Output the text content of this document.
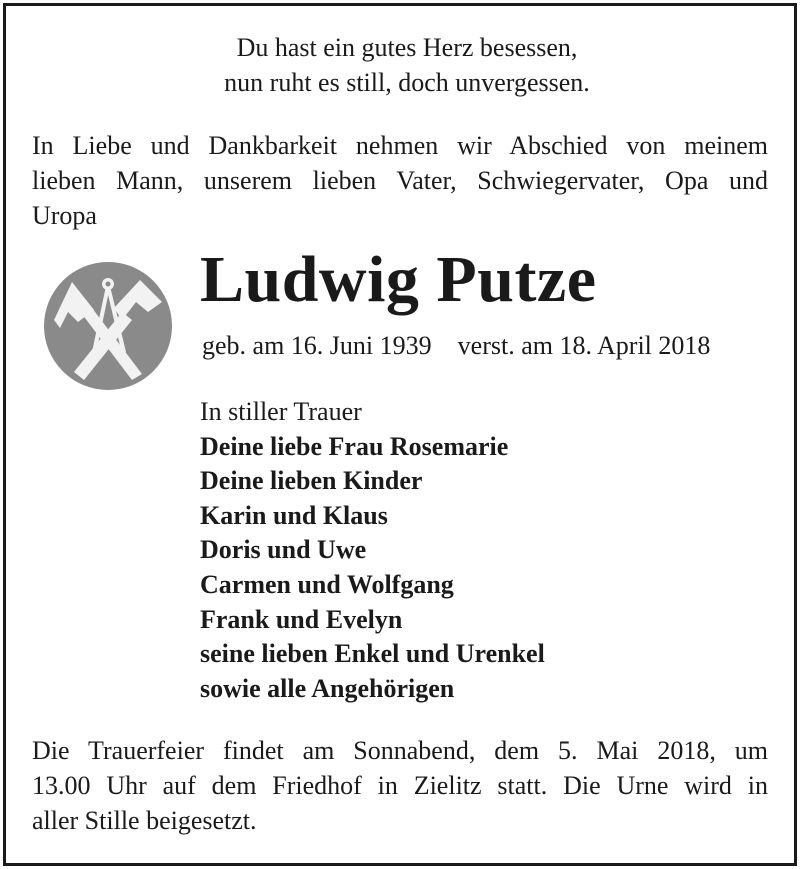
Du hast ein gutes Herz besessen,
nun ruht es still, doch unvergessen.
In Liebe und Dankbarkeit nehmen wir Abschied von meinem
lieben Mann, unserem lieben Vater, Schwiegervater, Opa und
Uropa
Ludwig Putze
geb. am 16. Juni 1939 verst. am 18. April 2018
In stiller Trauer
Deine liebe Frau Rosemarie
Deine lieben Kinder
Karin und Klaus
Doris und Uwe
Carmen und Wolfgang
Frank und Evelyn
seine lieben Enkel und Urenkel
sowie alle Angehörigen
Die Trauerfeier findet am Sonnabend, dem 5. Mai 2018, um
13.00 Uhr auf dem Friedhof in Zielitz statt. Die Urne wird in
aller Stille beigesetzt.
